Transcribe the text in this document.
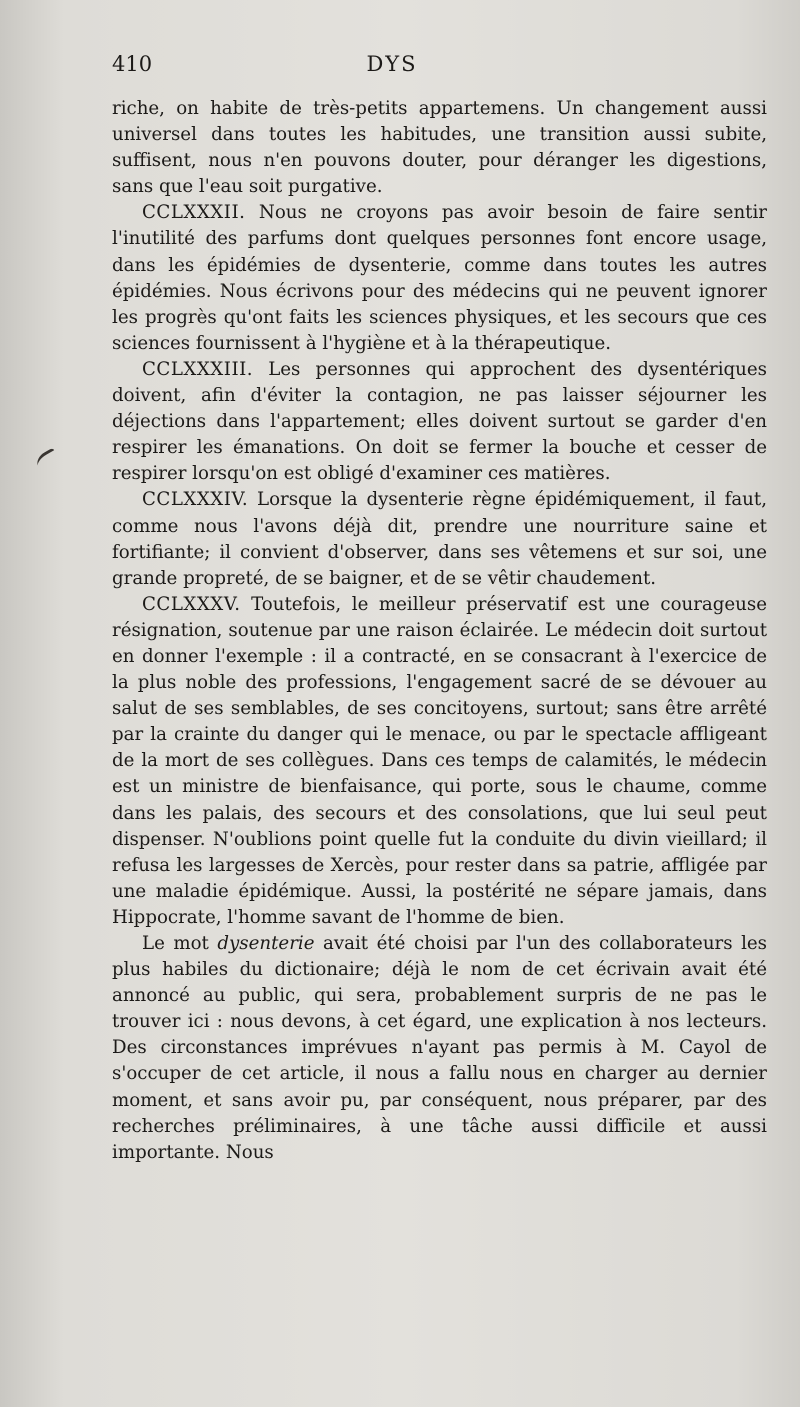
410	DYS

riche, on habite de très-petits appartemens. Un changement aussi universel dans toutes les habitudes, une transition aussi subite, suffisent, nous n'en pouvons douter, pour déranger les digestions, sans que l'eau soit purgative.

CCLXXXII. Nous ne croyons pas avoir besoin de faire sentir l'inutilité des parfums dont quelques personnes font encore usage, dans les épidémies de dysenterie, comme dans toutes les autres épidémies. Nous écrivons pour des médecins qui ne peuvent ignorer les progrès qu'ont faits les sciences physiques, et les secours que ces sciences fournissent à l'hygiène et à la thérapeutique.

CCLXXXIII. Les personnes qui approchent des dysentériques doivent, afin d'éviter la contagion, ne pas laisser séjourner les déjections dans l'appartement; elles doivent surtout se garder d'en respirer les émanations. On doit se fermer la bouche et cesser de respirer lorsqu'on est obligé d'examiner ces matières.

CCLXXXIV. Lorsque la dysenterie règne épidémiquement, il faut, comme nous l'avons déjà dit, prendre une nourriture saine et fortifiante; il convient d'observer, dans ses vêtemens et sur soi, une grande propreté, de se baigner, et de se vêtir chaudement.

CCLXXXV. Toutefois, le meilleur préservatif est une courageuse résignation, soutenue par une raison éclairée. Le médecin doit surtout en donner l'exemple : il a contracté, en se consacrant à l'exercice de la plus noble des professions, l'engagement sacré de se dévouer au salut de ses semblables, de ses concitoyens, surtout; sans être arrêté par la crainte du danger qui le menace, ou par le spectacle affligeant de la mort de ses collègues. Dans ces temps de calamités, le médecin est un ministre de bienfaisance, qui porte, sous le chaume, comme dans les palais, des secours et des consolations, que lui seul peut dispenser. N'oublions point quelle fut la conduite du divin vieillard; il refusa les largesses de Xercès, pour rester dans sa patrie, affligée par une maladie épidémique. Aussi, la postérité ne sépare jamais, dans Hippocrate, l'homme savant de l'homme de bien.

Le mot dysenterie avait été choisi par l'un des collaborateurs les plus habiles du dictionaire; déjà le nom de cet écrivain avait été annoncé au public, qui sera, probablement surpris de ne pas le trouver ici : nous devons, à cet égard, une explication à nos lecteurs. Des circonstances imprévues n'ayant pas permis à M. Cayol de s'occuper de cet article, il nous a fallu nous en charger au dernier moment, et sans avoir pu, par conséquent, nous préparer, par des recherches préliminaires, à une tâche aussi difficile et aussi importante. Nous
